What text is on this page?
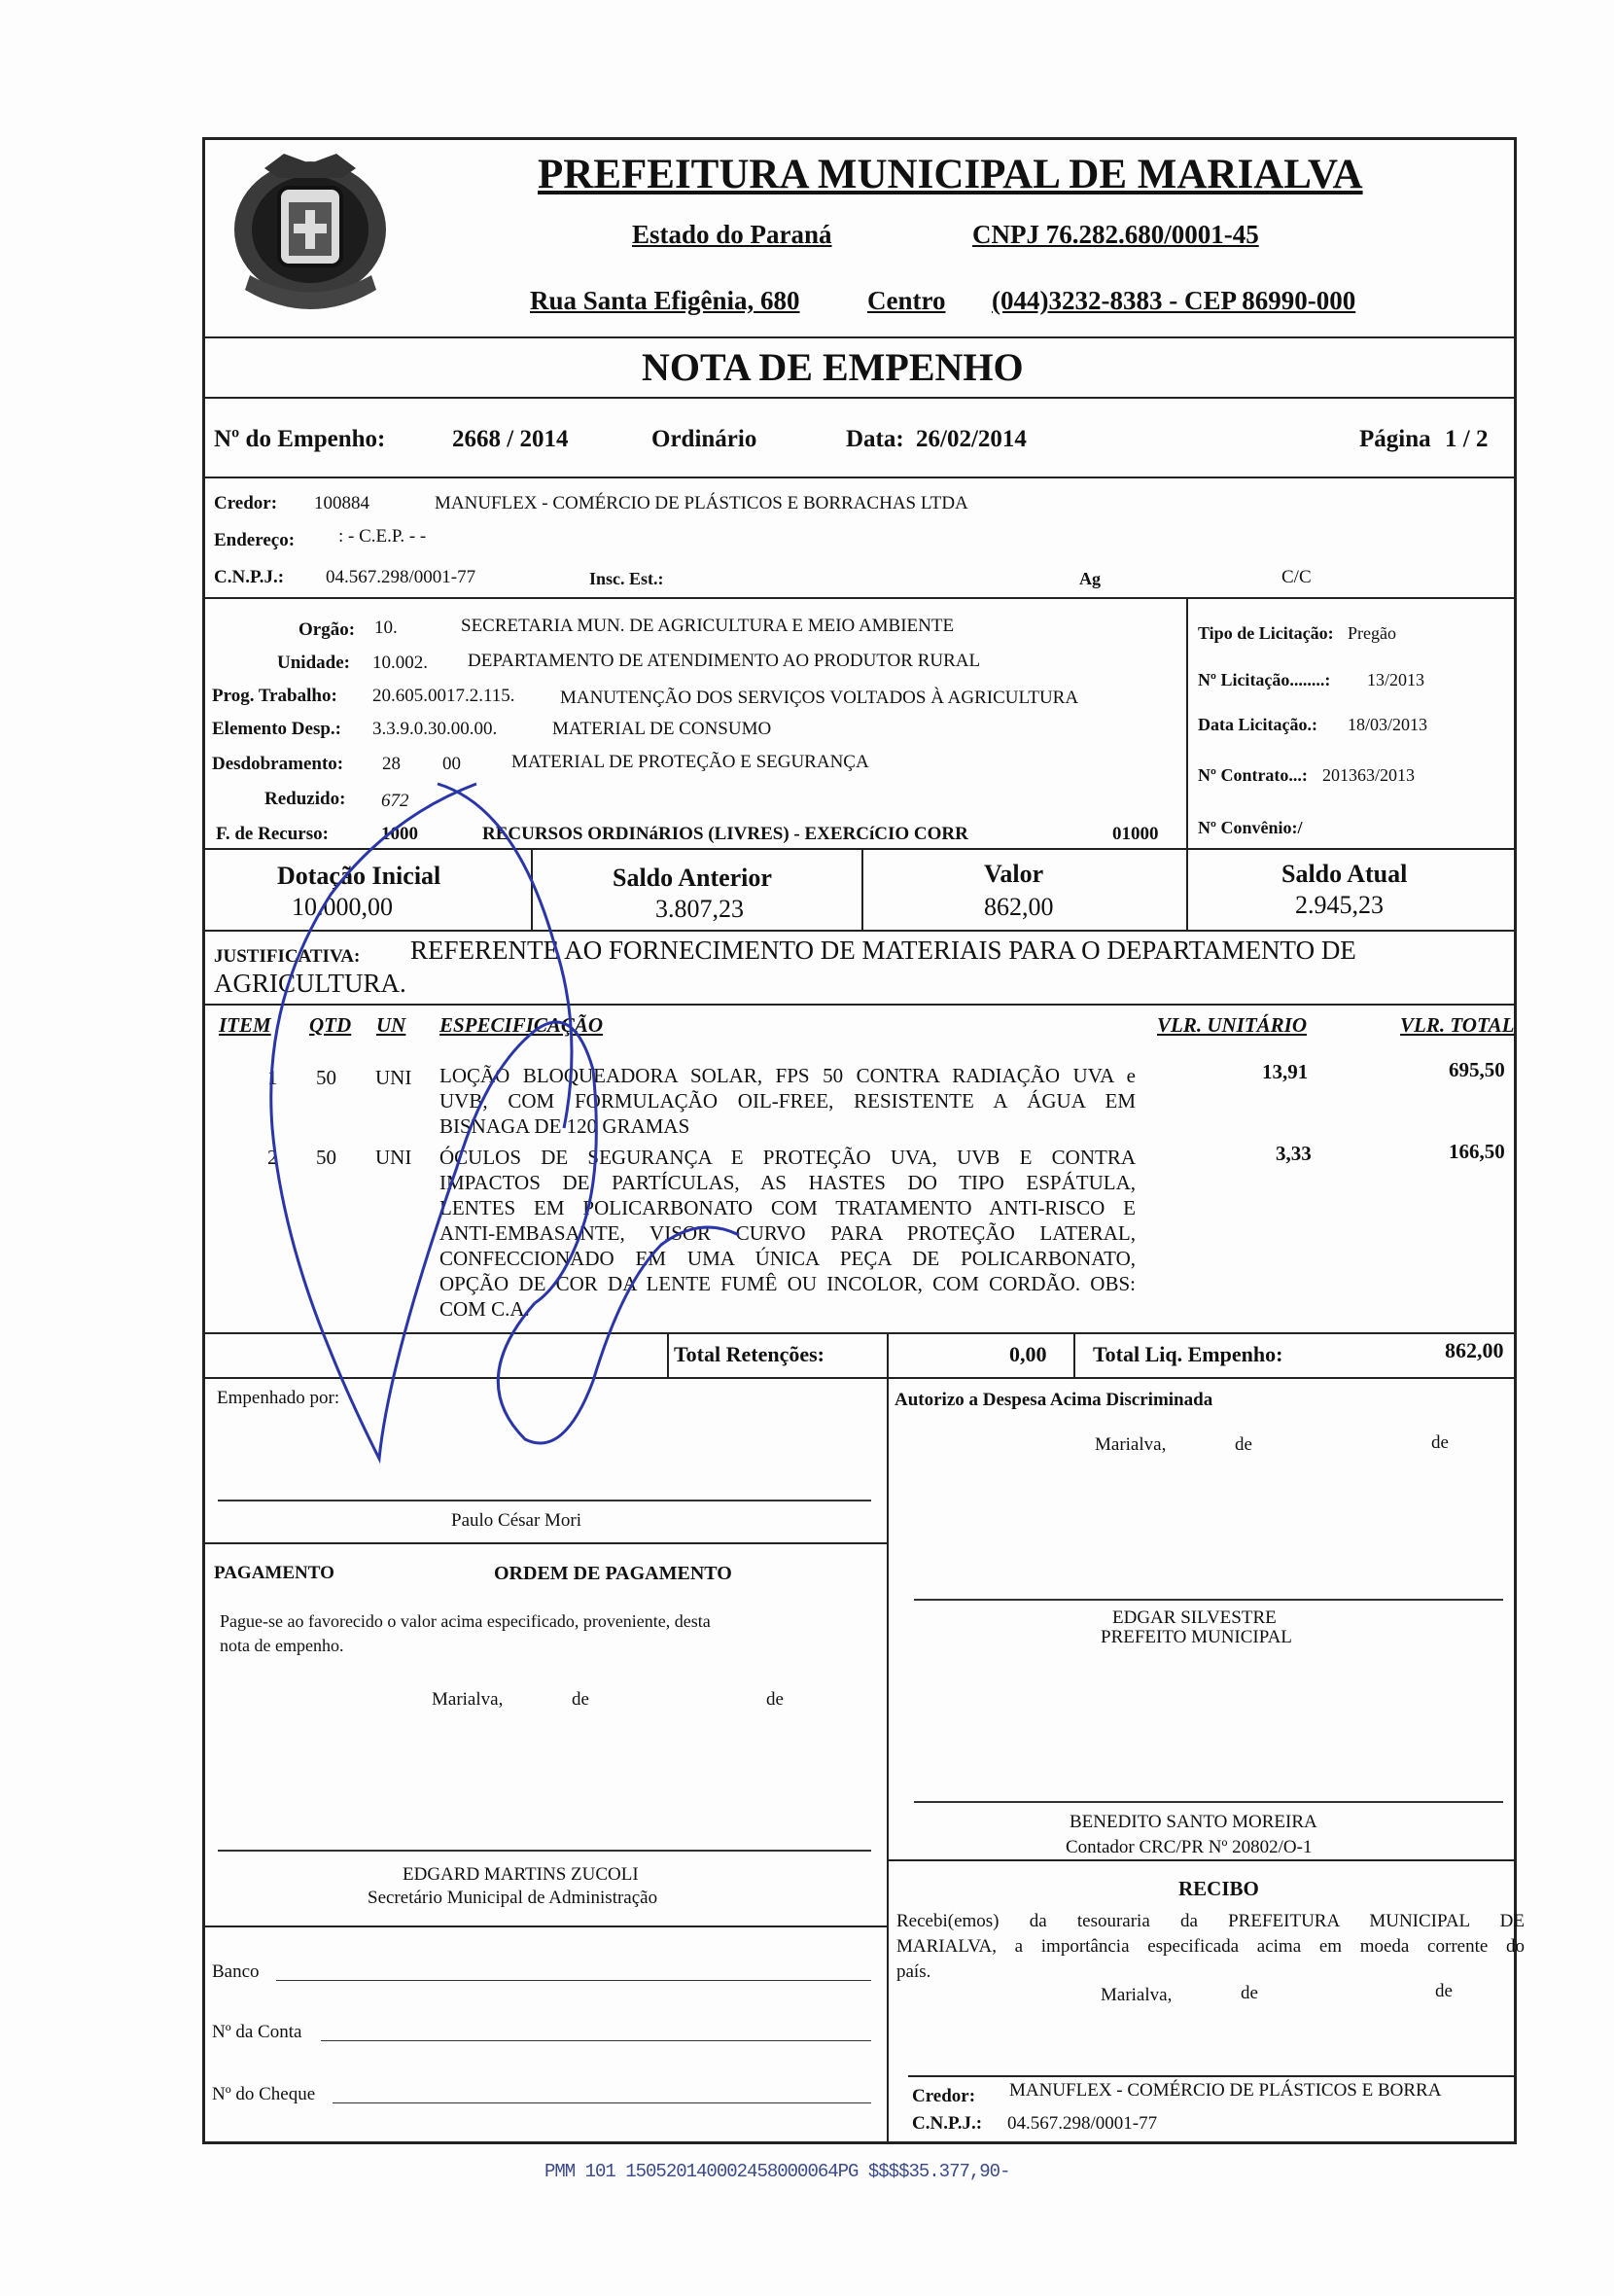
PREFEITURA MUNICIPAL DE MARIALVA
Estado do Paraná	CNPJ 76.282.680/0001-45
Rua Santa Efigênia, 680	Centro (044)3232-8383 - CEP 86990-000
NOTA DE EMPENHO
Nº do Empenho:	2668 / 2014	Ordinário	Data: 26/02/2014	Página 1 / 2
Credor: 100884	MANUFLEX - COMÉRCIO DE PLÁSTICOS E BORRACHAS LTDA
Endereço: : - C.E.P. - -
C.N.P.J.: 04.567.298/0001-77	Insc. Est.:	Ag	C/C
Orgão: 10.	SECRETARIA MUN. DE AGRICULTURA E MEIO AMBIENTE
Unidade: 10.002. DEPARTAMENTO DE ATENDIMENTO AO PRODUTOR RURAL
Prog. Trabalho: 20.605.0017.2.115. MANUTENÇÃO DOS SERVIÇOS VOLTADOS À AGRICULTURA
Elemento Desp.: 3.3.9.0.30.00.00.	MATERIAL DE CONSUMO
Desdobramento: 28 00	MATERIAL DE PROTEÇÃO E SEGURANÇA
Reduzido: 672
F. de Recurso:	1000	RECURSOS ORDINáRIOS (LIVRES) - EXERCíCIO CORR	01000
Tipo de Licitação: Pregão
Nº Licitação........: 13/2013
Data Licitação.: 18/03/2013
Nº Contrato...: 201363/2013
Nº Convênio:/
Dotação Inicial
10.000,00
Saldo Anterior
3.807,23
Valor
862,00
Saldo Atual
2.945,23
JUSTIFICATIVA: REFERENTE AO FORNECIMENTO DE MATERIAIS PARA O DEPARTAMENTO DE
AGRICULTURA.
ITEM QTD UN ESPECIFICAÇÃO	VLR. UNITÁRIO	VLR. TOTAL
1 50 UNI LOÇÃO BLOQUEADORA SOLAR, FPS 50 CONTRA RADIAÇÃO UVA e
UVB, COM FORMULAÇÃO OIL-FREE, RESISTENTE A ÁGUA EM
BISNAGA DE 120 GRAMAS
13,91	695,50
2 50 UNI ÓCULOS DE SEGURANÇA E PROTEÇÃO UVA, UVB E CONTRA
IMPACTOS DE PARTÍCULAS, AS HASTES DO TIPO ESPÁTULA,
LENTES EM POLICARBONATO COM TRATAMENTO ANTI-RISCO E
ANTI-EMBASANTE, VISOR CURVO PARA PROTEÇÃO LATERAL,
CONFECCIONADO EM UMA ÚNICA PEÇA DE POLICARBONATO,
OPÇÃO DE COR DA LENTE FUMÊ OU INCOLOR, COM CORDÃO. OBS:
COM C.A.
3,33	166,50
Total Retenções:	0,00 Total Liq. Empenho:	862,00
Empenhado por:
Paulo César Mori
Autorizo a Despesa Acima Discriminada
Marialva,	de	de
EDGAR SILVESTRE
PREFEITO MUNICIPAL
PAGAMENTO	ORDEM DE PAGAMENTO
Pague-se ao favorecido o valor acima especificado, proveniente, desta
nota de empenho.
Marialva,	de	de
BENEDITO SANTO MOREIRA
Contador CRC/PR Nº 20802/O-1
EDGARD MARTINS ZUCOLI
Secretário Municipal de Administração	RECIBO
Recebi(emos) da tesouraria da PREFEITURA MUNICIPAL DE
MARIALVA, a importância especificada acima em moeda corrente do
país.
Marialva,	de	de
Banco
Nº da Conta
Nº do Cheque	Credor: MANUFLEX - COMÉRCIO DE PLÁSTICOS E BORRA
C.N.P.J.: 04.567.298/0001-77
PMM 101 150520140002458000064PG $$$$35.377,90-
